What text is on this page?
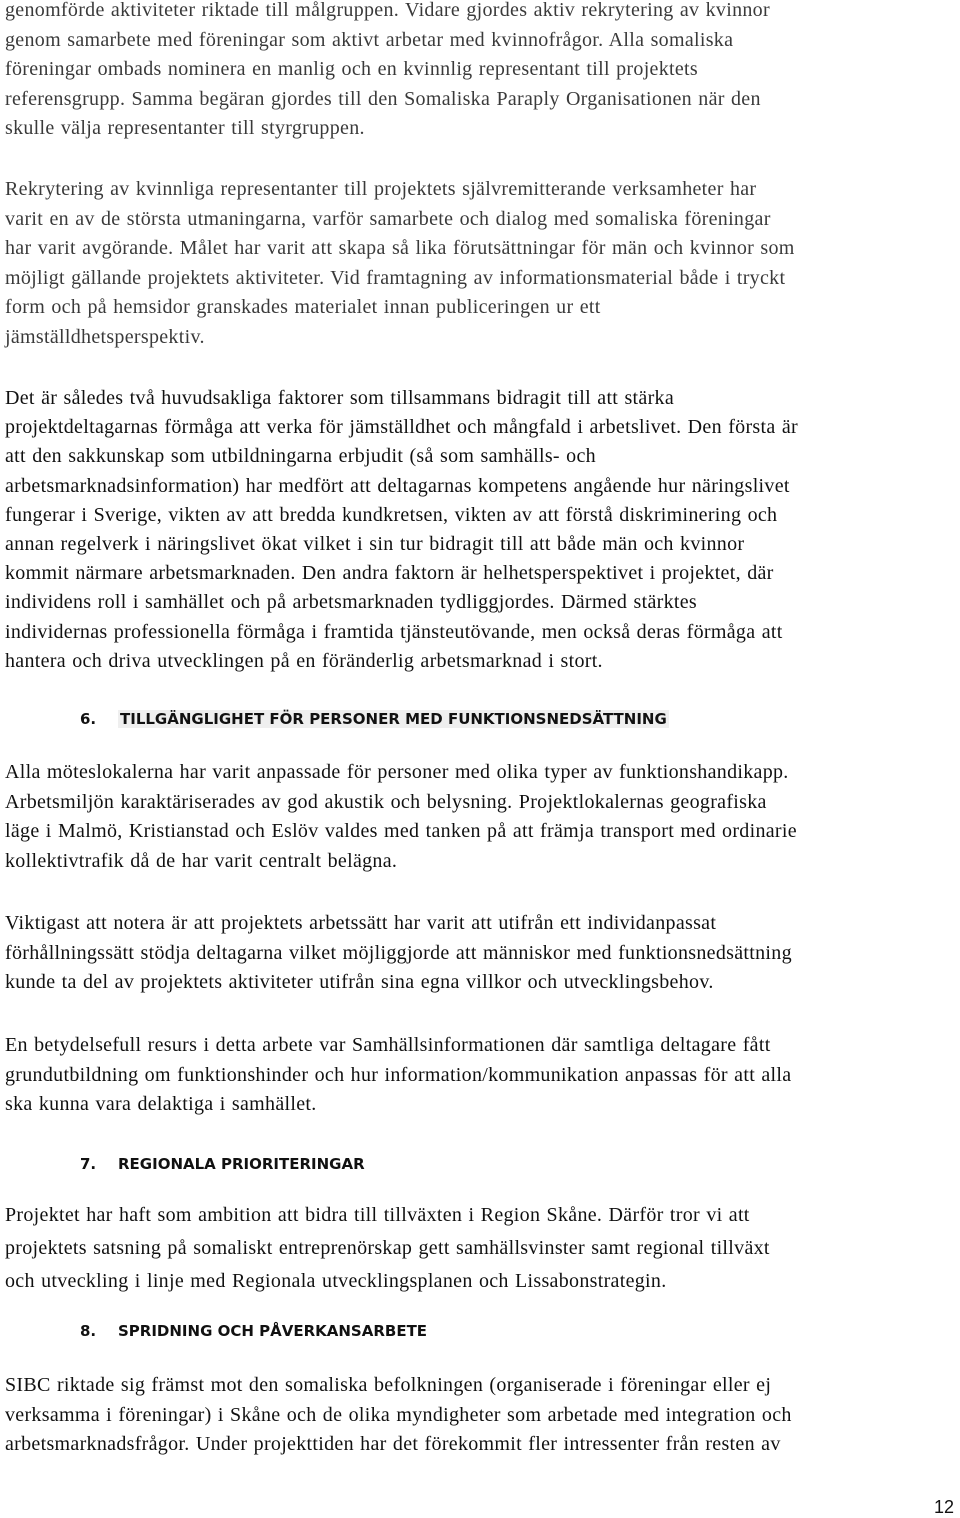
genomförde aktiviteter riktade till målgruppen. Vidare gjordes aktiv rekrytering av kvinnor
genom samarbete med föreningar som aktivt arbetar med kvinnofrågor. Alla somaliska
föreningar ombads nominera en manlig och en kvinnlig representant till projektets
referensgrupp. Samma begäran gjordes till den Somaliska Paraply Organisationen när den
skulle välja representanter till styrgruppen.

Rekrytering av kvinnliga representanter till projektets självremitterande verksamheter har
varit en av de största utmaningarna, varför samarbete och dialog med somaliska föreningar
har varit avgörande. Målet har varit att skapa så lika förutsättningar för män och kvinnor som
möjligt gällande projektets aktiviteter. Vid framtagning av informationsmaterial både i tryckt
form och på hemsidor granskades materialet innan publiceringen ur ett
jämställdhetsperspektiv.

Det är således två huvudsakliga faktorer som tillsammans bidragit till att stärka
projektdeltagarnas förmåga att verka för jämställdhet och mångfald i arbetslivet. Den första är
att den sakkunskap som utbildningarna erbjudit (så som samhälls- och
arbetsmarknadsinformation) har medfört att deltagarnas kompetens angående hur näringslivet
fungerar i Sverige, vikten av att bredda kundkretsen, vikten av att förstå diskriminering och
annan regelverk i näringslivet ökat vilket i sin tur bidragit till att både män och kvinnor
kommit närmare arbetsmarknaden. Den andra faktorn är helhetsperspektivet i projektet, där
individens roll i samhället och på arbetsmarknaden tydliggjordes. Därmed stärktes
individernas professionella förmåga i framtida tjänsteutövande, men också deras förmåga att
hantera och driva utvecklingen på en föränderlig arbetsmarknad i stort.

6. TILLGÄNGLIGHET FÖR PERSONER MED FUNKTIONSNEDSÄTTNING

Alla möteslokalerna har varit anpassade för personer med olika typer av funktionshandikapp.
Arbetsmiljön karaktäriserades av god akustik och belysning. Projektlokalernas geografiska
läge i Malmö, Kristianstad och Eslöv valdes med tanken på att främja transport med ordinarie
kollektivtrafik då de har varit centralt belägna.

Viktigast att notera är att projektets arbetssätt har varit att utifrån ett individanpassat
förhållningssätt stödja deltagarna vilket möjliggjorde att människor med funktionsnedsättning
kunde ta del av projektets aktiviteter utifrån sina egna villkor och utvecklingsbehov.

En betydelsefull resurs i detta arbete var Samhällsinformationen där samtliga deltagare fått
grundutbildning om funktionshinder och hur information/kommunikation anpassas för att alla
ska kunna vara delaktiga i samhället.

7. REGIONALA PRIORITERINGAR

Projektet har haft som ambition att bidra till tillväxten i Region Skåne. Därför tror vi att
projektets satsning på somaliskt entreprenörskap gett samhällsvinster samt regional tillväxt
och utveckling i linje med Regionala utvecklingsplanen och Lissabonstrategin.

8. SPRIDNING OCH PÅVERKANSARBETE

SIBC riktade sig främst mot den somaliska befolkningen (organiserade i föreningar eller ej
verksamma i föreningar) i Skåne och de olika myndigheter som arbetade med integration och
arbetsmarknadsfrågor. Under projekttiden har det förekommit fler intressenter från resten av

12
